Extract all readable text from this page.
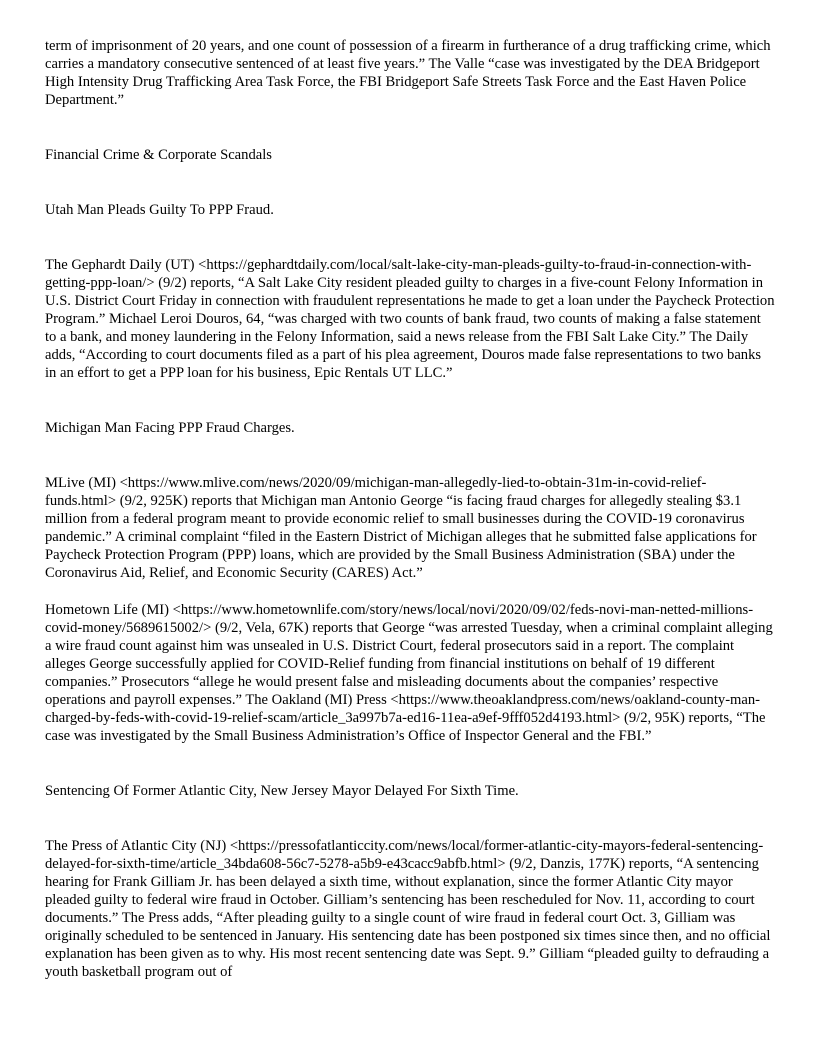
term of imprisonment of 20 years, and one count of possession of a firearm in furtherance of a drug trafficking crime, which carries a mandatory consecutive sentenced of at least five years.” The Valle “case was investigated by the DEA Bridgeport High Intensity Drug Trafficking Area Task Force, the FBI Bridgeport Safe Streets Task Force and the East Haven Police Department.”

Financial Crime & Corporate Scandals

Utah Man Pleads Guilty To PPP Fraud.

The Gephardt Daily (UT) <https://gephardtdaily.com/local/salt-lake-city-man-pleads-guilty-to-fraud-in-connection-with-getting-ppp-loan/> (9/2) reports, “A Salt Lake City resident pleaded guilty to charges in a five-count Felony Information in U.S. District Court Friday in connection with fraudulent representations he made to get a loan under the Paycheck Protection Program.” Michael Leroi Douros, 64, “was charged with two counts of bank fraud, two counts of making a false statement to a bank, and money laundering in the Felony Information, said a news release from the FBI Salt Lake City.” The Daily adds, “According to court documents filed as a part of his plea agreement, Douros made false representations to two banks in an effort to get a PPP loan for his business, Epic Rentals UT LLC.”

Michigan Man Facing PPP Fraud Charges.

MLive (MI) <https://www.mlive.com/news/2020/09/michigan-man-allegedly-lied-to-obtain-31m-in-covid-relief-funds.html> (9/2, 925K) reports that Michigan man Antonio George “is facing fraud charges for allegedly stealing $3.1 million from a federal program meant to provide economic relief to small businesses during the COVID-19 coronavirus pandemic.” A criminal complaint “filed in the Eastern District of Michigan alleges that he submitted false applications for Paycheck Protection Program (PPP) loans, which are provided by the Small Business Administration (SBA) under the Coronavirus Aid, Relief, and Economic Security (CARES) Act.”

Hometown Life (MI) <https://www.hometownlife.com/story/news/local/novi/2020/09/02/feds-novi-man-netted-millions-covid-money/5689615002/> (9/2, Vela, 67K) reports that George “was arrested Tuesday, when a criminal complaint alleging a wire fraud count against him was unsealed in U.S. District Court, federal prosecutors said in a report. The complaint alleges George successfully applied for COVID-Relief funding from financial institutions on behalf of 19 different companies.” Prosecutors “allege he would present false and misleading documents about the companies’ respective operations and payroll expenses.” The Oakland (MI) Press <https://www.theoaklandpress.com/news/oakland-county-man-charged-by-feds-with-covid-19-relief-scam/article_3a997b7a-ed16-11ea-a9ef-9fff052d4193.html> (9/2, 95K) reports, “The case was investigated by the Small Business Administration’s Office of Inspector General and the FBI.”

Sentencing Of Former Atlantic City, New Jersey Mayor Delayed For Sixth Time.

The Press of Atlantic City (NJ) <https://pressofatlanticcity.com/news/local/former-atlantic-city-mayors-federal-sentencing-delayed-for-sixth-time/article_34bda608-56c7-5278-a5b9-e43cacc9abfb.html> (9/2, Danzis, 177K) reports, “A sentencing hearing for Frank Gilliam Jr. has been delayed a sixth time, without explanation, since the former Atlantic City mayor pleaded guilty to federal wire fraud in October. Gilliam’s sentencing has been rescheduled for Nov. 11, according to court documents.” The Press adds, “After pleading guilty to a single count of wire fraud in federal court Oct. 3, Gilliam was originally scheduled to be sentenced in January. His sentencing date has been postponed six times since then, and no official explanation has been given as to why. His most recent sentencing date was Sept. 9.” Gilliam “pleaded guilty to defrauding a youth basketball program out of
